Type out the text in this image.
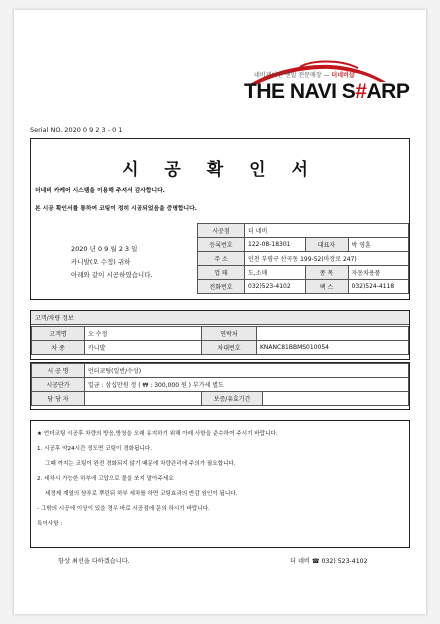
네비게이션 엔빌 전문매장 — 더네비샵
THE NAVI S#ARP
Serial NO. 2020 0 9 2 3 - 0 1
시 공 확 인 서
더네비 카케어 시스템을 이용해 주셔서 감사합니다.
본 시공 확인서를 통하여 코팅이 정히 시공되었음을 증명합니다.
2020 년 0 9 월 2 3 일
카니발(오 수정) 귀하
아래와 같이 시공하였습니다.
시공점	더 네비		
등록번호	122-08-18301	대표자	박 영훈
주 소	인천 부평구 산곡동 199-52(마장로 247)		
업 태	도,소매	종 목	자동차용품
전화번호	032)523-4102	팩 스	032)524-4118
고객/차량 정보
고객명	오 수정	연락처	
차 종	카니발	차대번호	KNANC81BBMS010054
시 공 명	언더코팅(일반/수성)		
시공단가	일금 : 삼십만원 정 ( ₩ : 300,000 원 ) 부가세 별도		
담 당 자		보증/유효기간	
★ 언더코팅 시공후 차량의 방음,방청을 오래 유지하기 위해 아래 사항을 준수하여 주시기 바랍니다.
1. 시공후 약24시간 정도면 코팅이 경화됩니다.
그때 까지는 코팅이 완전 경화되지 않기 때문에 차량관리에 주의가 필요합니다.
2. 세차시 가능한 하부에 고압으로 물을 쏘지 말아주세요
세정제 계열의 샴푸로 뿌린뒤 하부 세차를 하면 코팅효과의 반감 원인이 됩니다.
- 그밖의 시공에 이상이 있을 경우 바로 시공점에 문의 하시기 바랍니다.
특이사항 :
항상 최선을 다하겠습니다.	더 네비 ☎ 032) 523-4102
